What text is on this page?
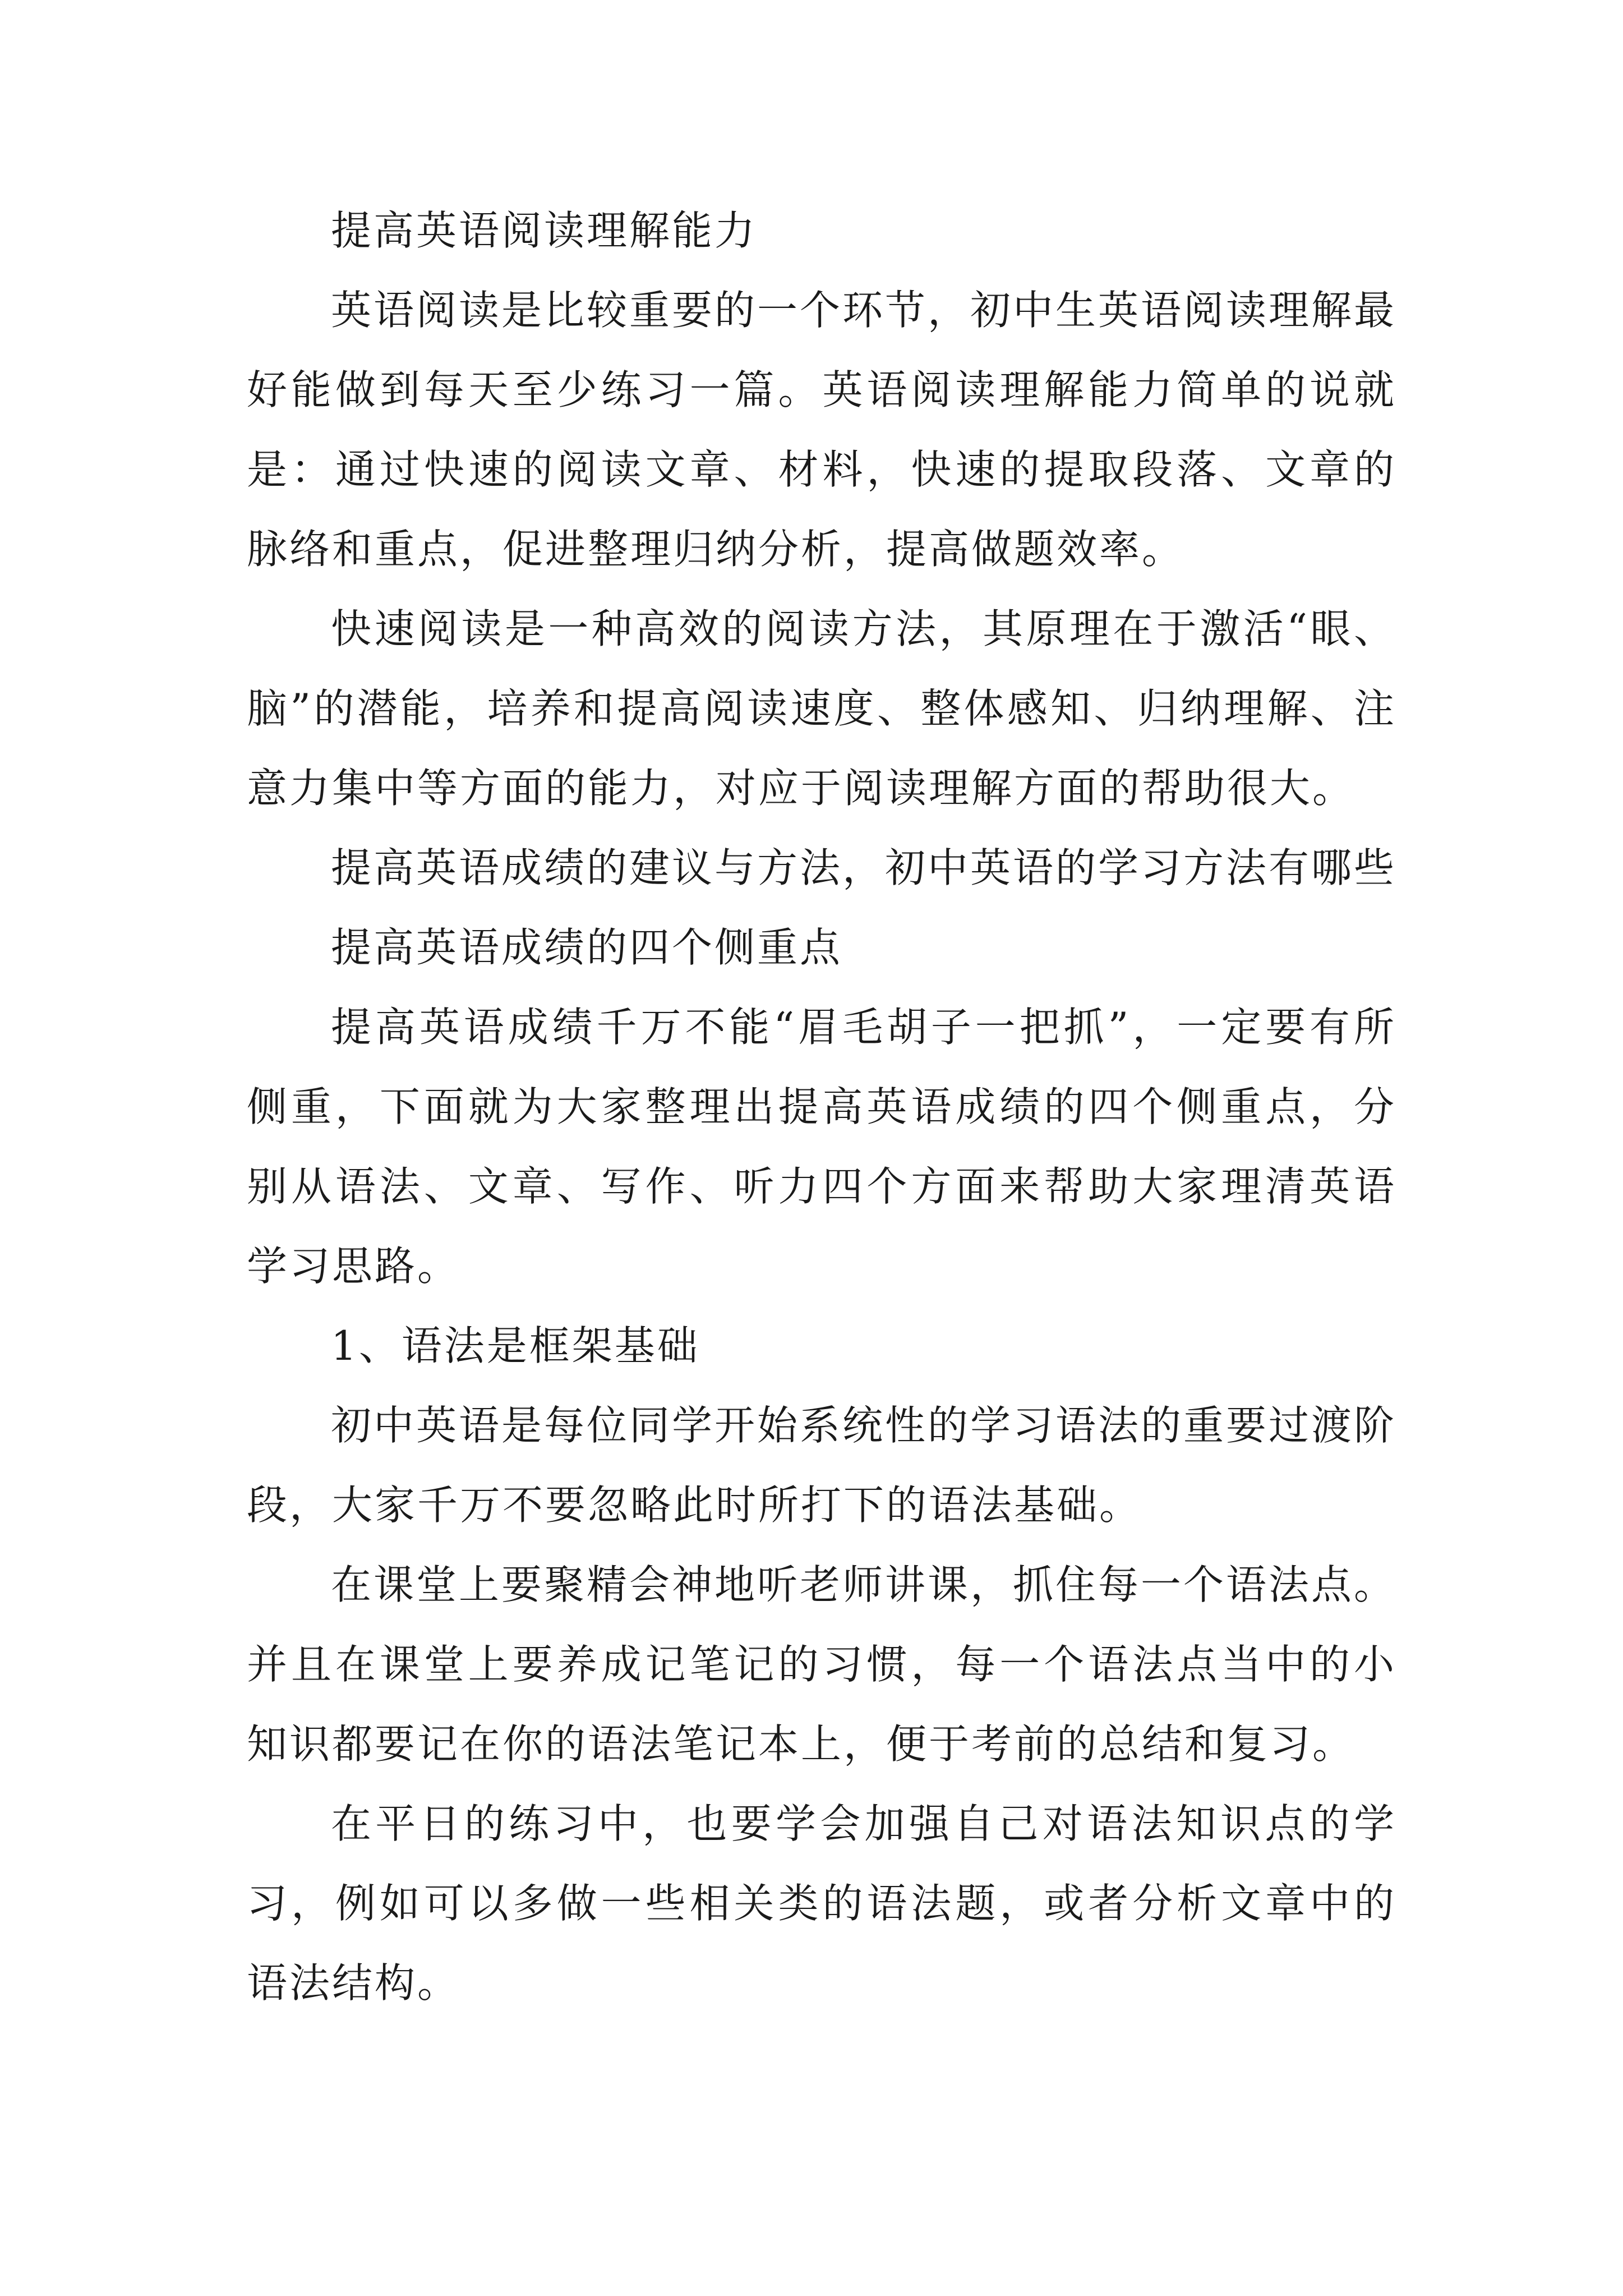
提高英语阅读理解能力

英语阅读是比较重要的一个环节，初中生英语阅读理解最好能做到每天至少练习一篇。英语阅读理解能力简单的说就是：通过快速的阅读文章、材料，快速的提取段落、文章的脉络和重点，促进整理归纳分析，提高做题效率。

快速阅读是一种高效的阅读方法，其原理在于激活“眼、脑”的潜能，培养和提高阅读速度、整体感知、归纳理解、注意力集中等方面的能力，对应于阅读理解方面的帮助很大。

提高英语成绩的建议与方法，初中英语的学习方法有哪些

提高英语成绩的四个侧重点

提高英语成绩千万不能“眉毛胡子一把抓”，一定要有所侧重，下面就为大家整理出提高英语成绩的四个侧重点，分别从语法、文章、写作、听力四个方面来帮助大家理清英语学习思路。

1、语法是框架基础

初中英语是每位同学开始系统性的学习语法的重要过渡阶段，大家千万不要忽略此时所打下的语法基础。

在课堂上要聚精会神地听老师讲课，抓住每一个语法点。并且在课堂上要养成记笔记的习惯，每一个语法点当中的小知识都要记在你的语法笔记本上，便于考前的总结和复习。

在平日的练习中，也要学会加强自己对语法知识点的学习，例如可以多做一些相关类的语法题，或者分析文章中的语法结构。
